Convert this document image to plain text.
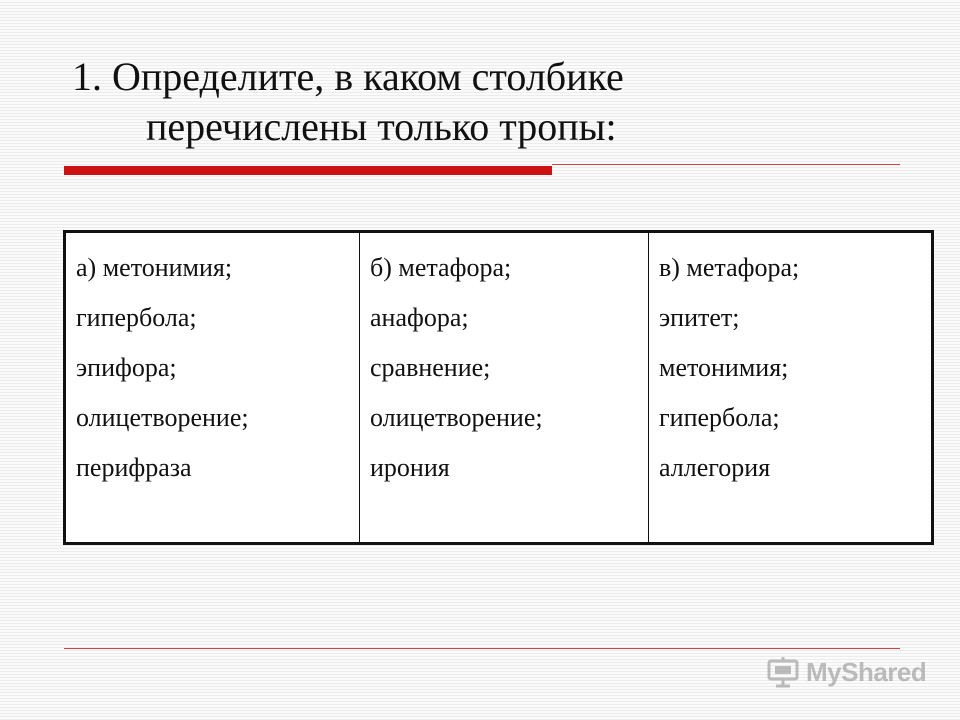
1. Определите, в каком столбике
перечислены только тропы:
а) метонимия;
гипербола;
эпифора;
олицетворение;
перифраза

б) метафора;
анафора;
сравнение;
олицетворение;
ирония

в) метафора;
эпитет;
метонимия;
гипербола;
аллегория
MyShared
